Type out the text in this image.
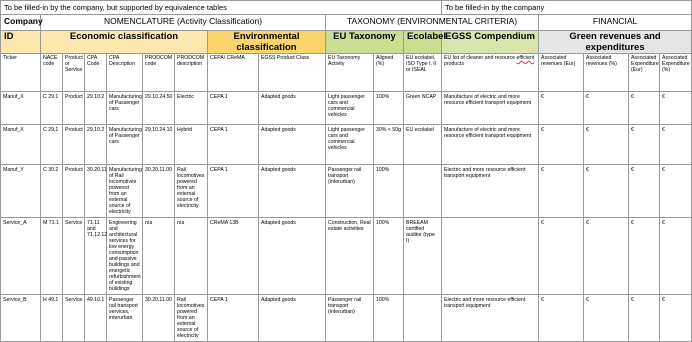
To be filled-in by the company, but supported by equivalence tables												To be filled-in by the company				
Company	NOMENCLATURE (Activity Classification)								TAXONOMY (ENVIRONMENTAL CRITERIA)				FINANCIAL			
ID	Economic classification						Environmental classification		EU Taxonomy		Ecolabel	EGSS Compendium	Green revenues and expenditures			
Ticker	NACE code	Product or Service	CPA Code	CPA Description	PRODCOM code	PRODCOM description	CEPA/ CReMA	EGSS Product Class	EU Taxonomy Activity	Aligned (%)	EU ecolabel, ISO Type I, II or ISEAL	EU list of cleaner and resource efficient products	Associated revenues (Eur)	Associated revenues (%)	Associated Expenditure (Eur)	Associated Expenditure (%)
Manuf_X	C 29.1	Product	29.10.2	Manufacturing of Passenger cars	29.10.24.50	Electric	CEPA 1	Adapted goods	Light passenger cars and commercial vehicles	100%	Green NCAP	Manufacture of electric and more resource efficient transport equipment	€	€	€	€
Manuf_X	C 29.1	Product	29.10.2	Manufacturing of Passenger cars	29.10.24.10	Hybrid	CEPA 1	Adapted goods	Light passenger cars and commercial vehicles	30% < 50g	EU ecolabel	Manufacture of electric and more resource efficient transport equipment	€	€	€	€
Manuf_Y	C 30.2	Product	30.20.11	Manufacturing of Rail locomotives powered from an external source of electricity	30.20.11.00	Rail locomotives powered from an external source of electricity	CEPA 1	Adapted goods	Passenger rail transport (interurban)	100%		Electric and more resource efficient transport equipment	€	€	€	€
Service_A	M 71.1	Service	71.11 and 71.12.12	Engineering and architectural services for low energy consumption and passive buildings and energetic refurbishment of existing buildings	n/a	n/a	CReMA 13B	Adapted goods	Construction, Real estate activities	100%	BREEAM certified auditor (type I)		€	€	€	€
Service_B	H 49.1	Service	49.10.1	Passenger rail transport services, interurban	30.20.11.00	Rail locomotives powered from an external source of electricity	CEPA 1	Adapted goods	Passenger rail transport (interurban)	100%		Electric and more resource efficient transport equipment	€	€	€	€
